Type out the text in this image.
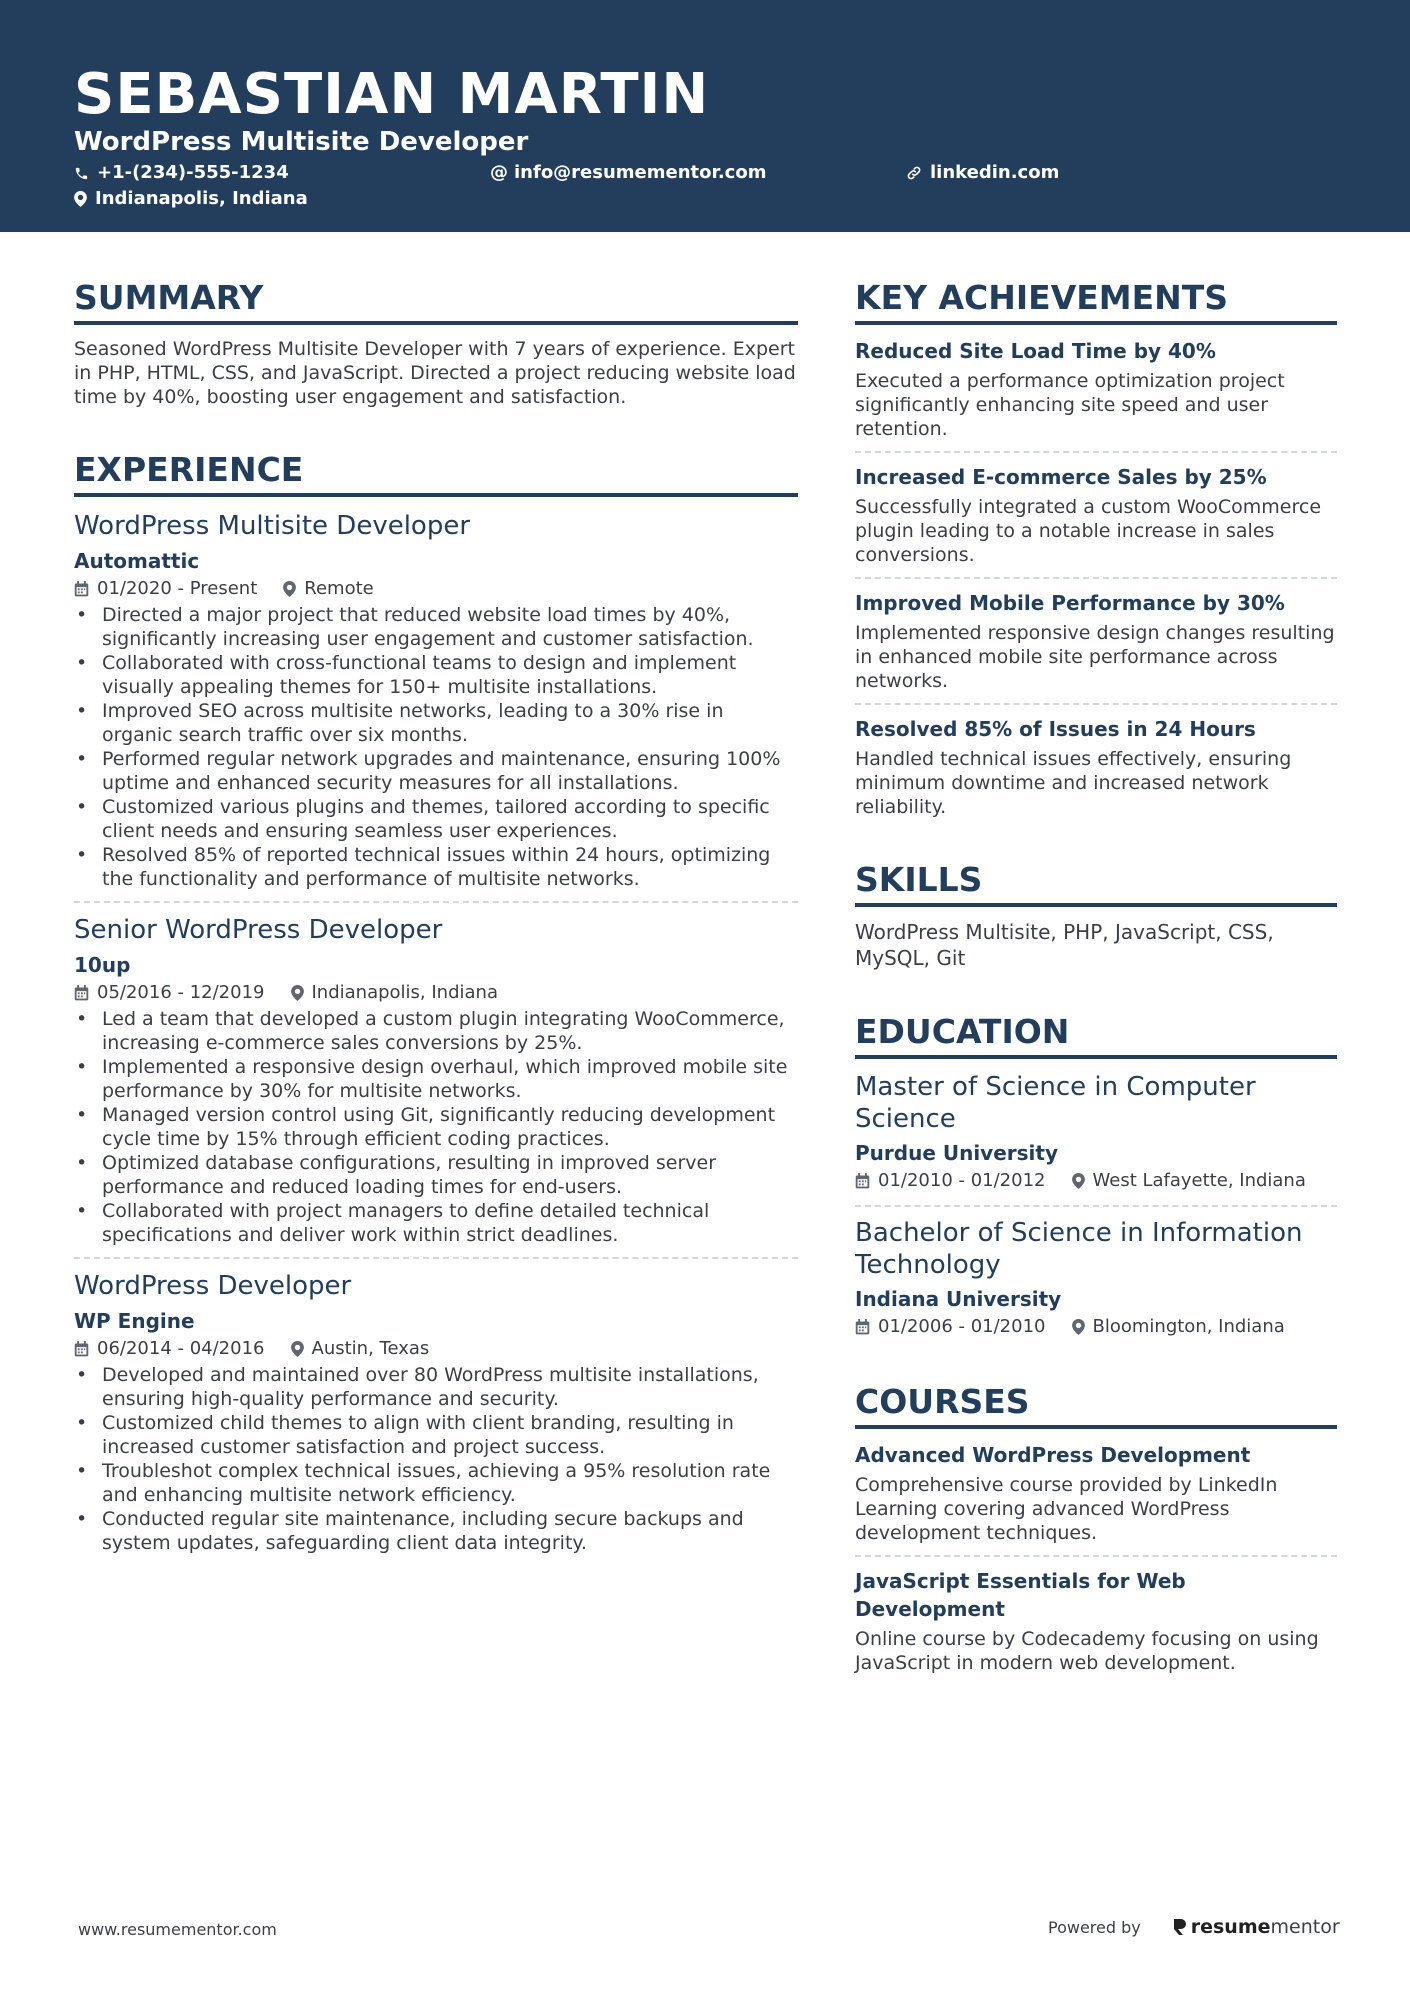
SEBASTIAN MARTIN
WordPress Multisite Developer
+1-(234)-555-1234	@ info@resumementor.com	linkedin.com
Indianapolis, Indiana
SUMMARY

Seasoned WordPress Multisite Developer with 7 years of experience. Expert in PHP, HTML, CSS, and JavaScript. Directed a project reducing website load time by 40%, boosting user engagement and satisfaction.

EXPERIENCE
WordPress Multisite Developer
Automattic
01/2020 - Present	Remote
• Directed a major project that reduced website load times by 40%, significantly increasing user engagement and customer satisfaction.
• Collaborated with cross-functional teams to design and implement visually appealing themes for 150+ multisite installations.
• Improved SEO across multisite networks, leading to a 30% rise in organic search traffic over six months.
• Performed regular network upgrades and maintenance, ensuring 100% uptime and enhanced security measures for all installations.
• Customized various plugins and themes, tailored according to specific client needs and ensuring seamless user experiences.
• Resolved 85% of reported technical issues within 24 hours, optimizing the functionality and performance of multisite networks.
Senior WordPress Developer
10up
05/2016 - 12/2019	Indianapolis, Indiana
• Led a team that developed a custom plugin integrating WooCommerce, increasing e-commerce sales conversions by 25%.
• Implemented a responsive design overhaul, which improved mobile site performance by 30% for multisite networks.
• Managed version control using Git, significantly reducing development cycle time by 15% through efficient coding practices.
• Optimized database configurations, resulting in improved server performance and reduced loading times for end-users.
• Collaborated with project managers to define detailed technical specifications and deliver work within strict deadlines.
WordPress Developer
WP Engine
06/2014 - 04/2016	Austin, Texas
• Developed and maintained over 80 WordPress multisite installations, ensuring high-quality performance and security.
• Customized child themes to align with client branding, resulting in increased customer satisfaction and project success.
• Troubleshot complex technical issues, achieving a 95% resolution rate and enhancing multisite network efficiency.
• Conducted regular site maintenance, including secure backups and system updates, safeguarding client data integrity.
KEY ACHIEVEMENTS
Reduced Site Load Time by 40%
Executed a performance optimization project significantly enhancing site speed and user retention.
Increased E-commerce Sales by 25%
Successfully integrated a custom WooCommerce plugin leading to a notable increase in sales conversions.
Improved Mobile Performance by 30%
Implemented responsive design changes resulting in enhanced mobile site performance across networks.
Resolved 85% of Issues in 24 Hours
Handled technical issues effectively, ensuring minimum downtime and increased network reliability.
SKILLS

WordPress Multisite, PHP, JavaScript, CSS, MySQL, Git

EDUCATION
Master of Science in Computer Science
Purdue University
01/2010 - 01/2012	West Lafayette, Indiana
Bachelor of Science in Information Technology
Indiana University
01/2006 - 01/2010	Bloomington, Indiana
COURSES
Advanced WordPress Development
Comprehensive course provided by LinkedIn Learning covering advanced WordPress development techniques.
JavaScript Essentials for Web Development
Online course by Codecademy focusing on using JavaScript in modern web development.
www.resumementor.com	Powered by	resume mentor
